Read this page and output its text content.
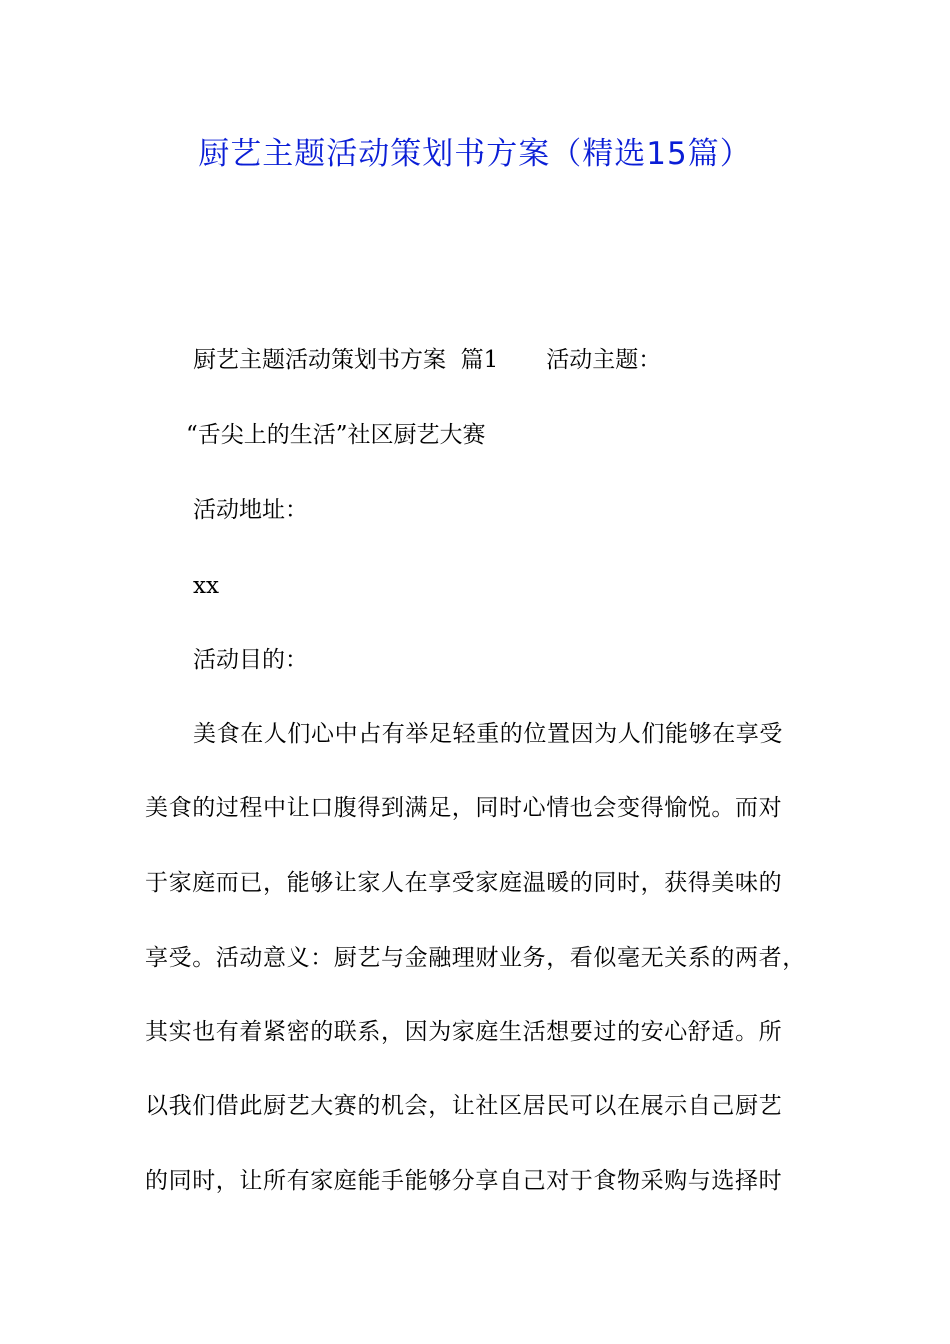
厨艺主题活动策划书方案（精选15篇）
厨艺主题活动策划书方案  篇1 活动主题：
“舌尖上的生活”社区厨艺大赛
活动地址：
xx
活动目的：
美食在人们心中占有举足轻重的位置因为人们能够在享受
美食的过程中让口腹得到满足，同时心情也会变得愉悦。而对
于家庭而已，能够让家人在享受家庭温暖的同时，获得美味的
享受。活动意义：厨艺与金融理财业务，看似毫无关系的两者，
其实也有着紧密的联系，因为家庭生活想要过的安心舒适。所
以我们借此厨艺大赛的机会，让社区居民可以在展示自己厨艺
的同时，让所有家庭能手能够分享自己对于食物采购与选择时
